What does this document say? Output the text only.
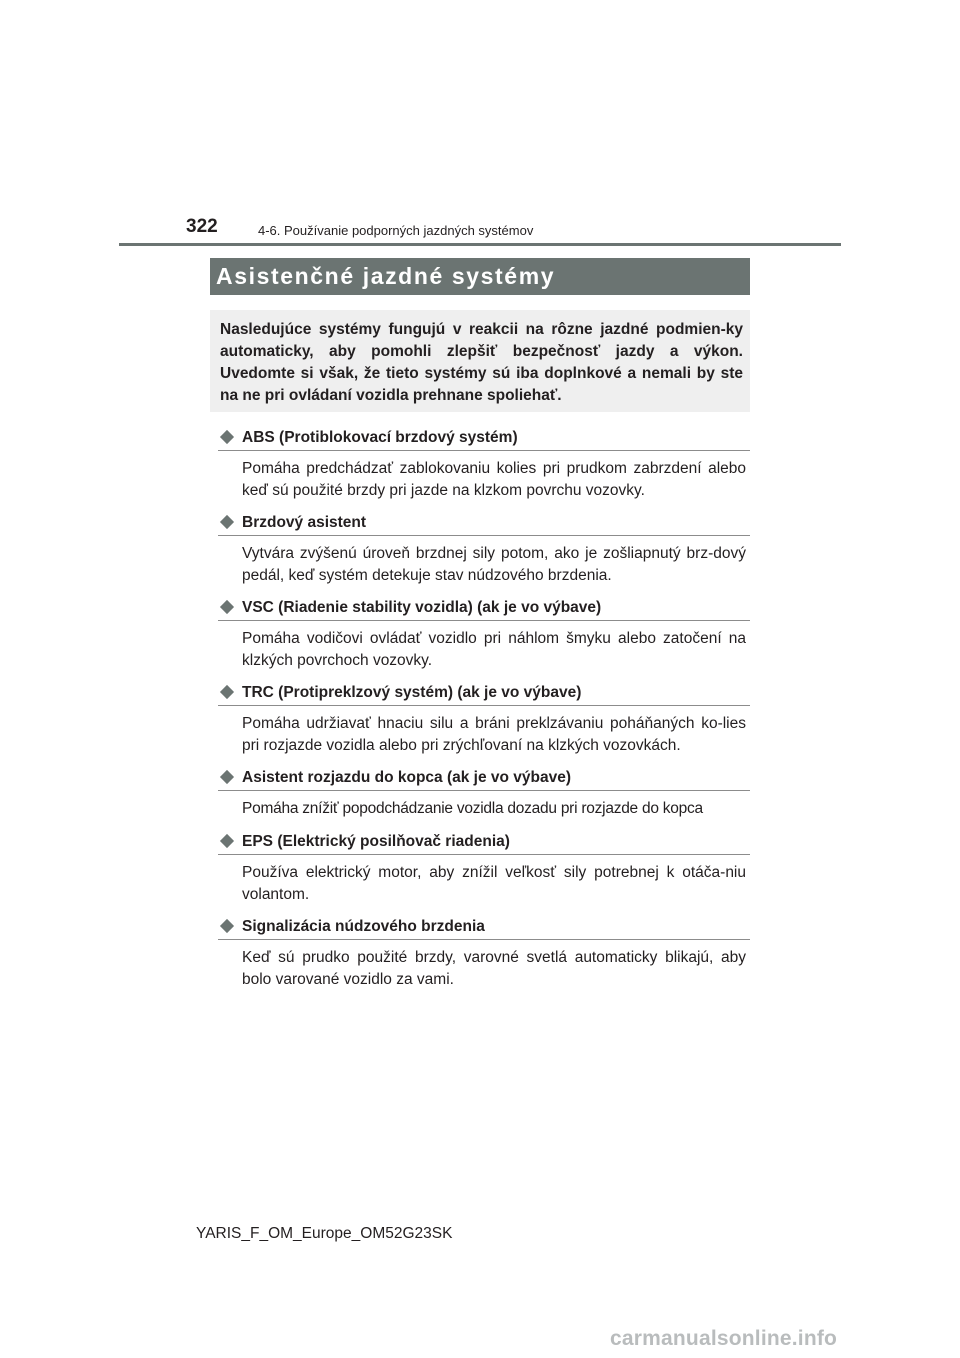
322	4-6. Používanie podporných jazdných systémov
Asistenčné jazdné systémy
Nasledujúce systémy fungujú v reakcii na rôzne jazdné podmien-ky automaticky, aby pomohli zlepšiť bezpečnosť jazdy a výkon. Uvedomte si však, že tieto systémy sú iba doplnkové a nemali by ste na ne pri ovládaní vozidla prehnane spoliehať.
ABS (Protiblokovací brzdový systém)
Pomáha predchádzať zablokovaniu kolies pri prudkom zabrzdení alebo keď sú použité brzdy pri jazde na klzkom povrchu vozovky.
Brzdový asistent
Vytvára zvýšenú úroveň brzdnej sily potom, ako je zošliapnutý brz-dový pedál, keď systém detekuje stav núdzového brzdenia.
VSC (Riadenie stability vozidla) (ak je vo výbave)
Pomáha vodičovi ovládať vozidlo pri náhlom šmyku alebo zatočení na klzkých povrchoch vozovky.
TRC (Protipreklzový systém) (ak je vo výbave)
Pomáha udržiavať hnaciu silu a bráni preklzávaniu poháňaných ko-lies pri rozjazde vozidla alebo pri zrýchľovaní na klzkých vozovkách.
Asistent rozjazdu do kopca (ak je vo výbave)
Pomáha znížiť popodchádzanie vozidla dozadu pri rozjazde do kopca
EPS (Elektrický posilňovač riadenia)
Používa elektrický motor, aby znížil veľkosť sily potrebnej k otáča-niu volantom.
Signalizácia núdzového brzdenia
Keď sú prudko použité brzdy, varovné svetlá automaticky blikajú, aby bolo varované vozidlo za vami.
YARIS_F_OM_Europe_OM52G23SK
carmanualsonline.info
